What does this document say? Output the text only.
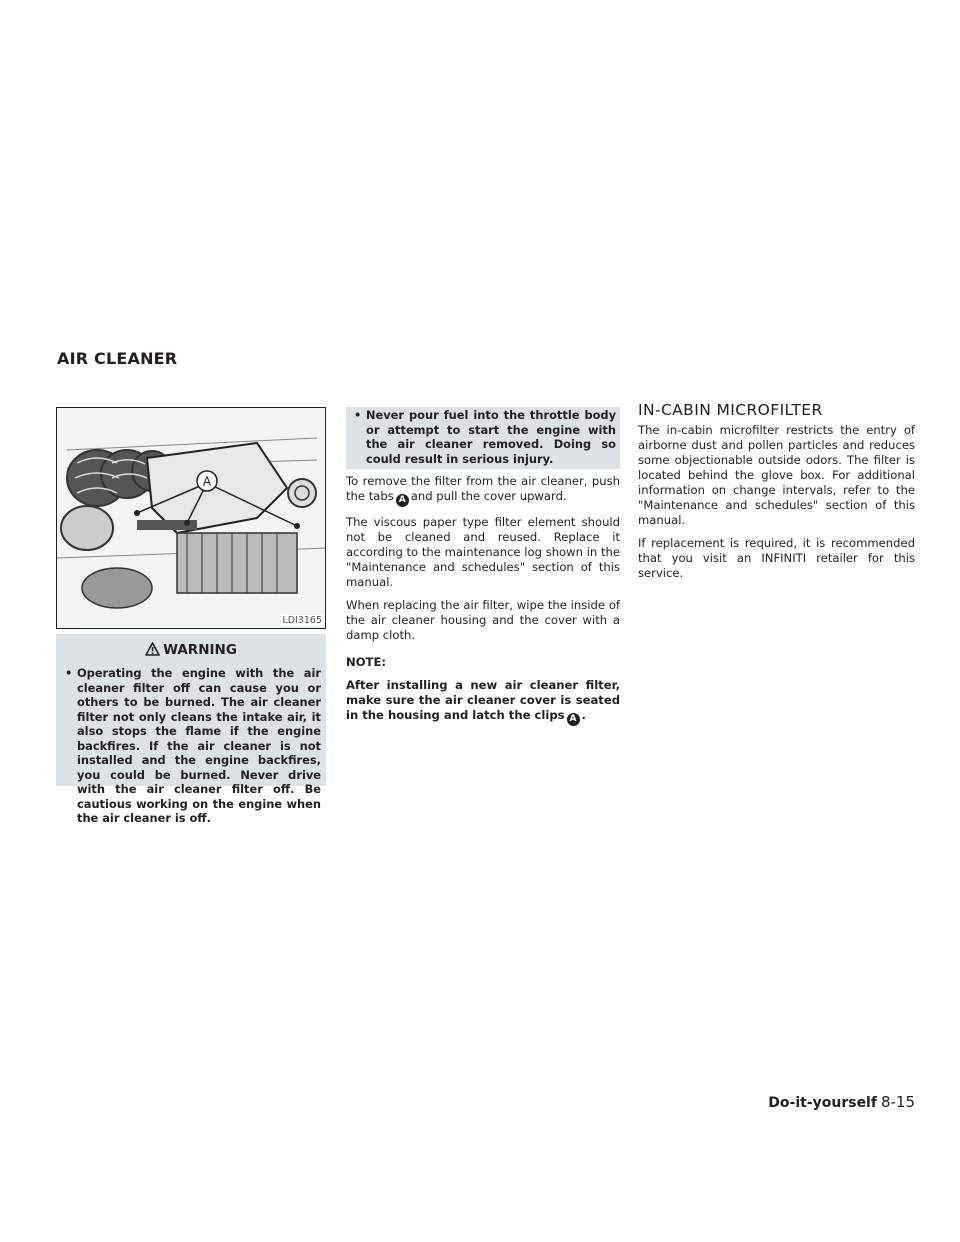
AIR CLEANER
A
LDI3165
WARNING

• Operating the engine with the air cleaner filter off can cause you or others to be burned. The air cleaner filter not only cleans the intake air, it also stops the flame if the engine backfires. If the air cleaner is not installed and the engine backfires, you could be burned. Never drive with the air cleaner filter off. Be cautious working on the engine when the air cleaner is off.

• Never pour fuel into the throttle body or attempt to start the engine with the air cleaner removed. Doing so could result in serious injury.

To remove the filter from the air cleaner, push the tabs A and pull the cover upward.

The viscous paper type filter element should not be cleaned and reused. Replace it according to the maintenance log shown in the "Maintenance and schedules" section of this manual.

When replacing the air filter, wipe the inside of the air cleaner housing and the cover with a damp cloth.

NOTE:

After installing a new air cleaner filter, make sure the air cleaner cover is seated in the housing and latch the clips A .

IN-CABIN MICROFILTER

The in-cabin microfilter restricts the entry of airborne dust and pollen particles and reduces some objectionable outside odors. The filter is located behind the glove box. For additional information on change intervals, refer to the "Maintenance and schedules" section of this manual.

If replacement is required, it is recommended that you visit an INFINITI retailer for this service.

Do-it-yourself 8-15
